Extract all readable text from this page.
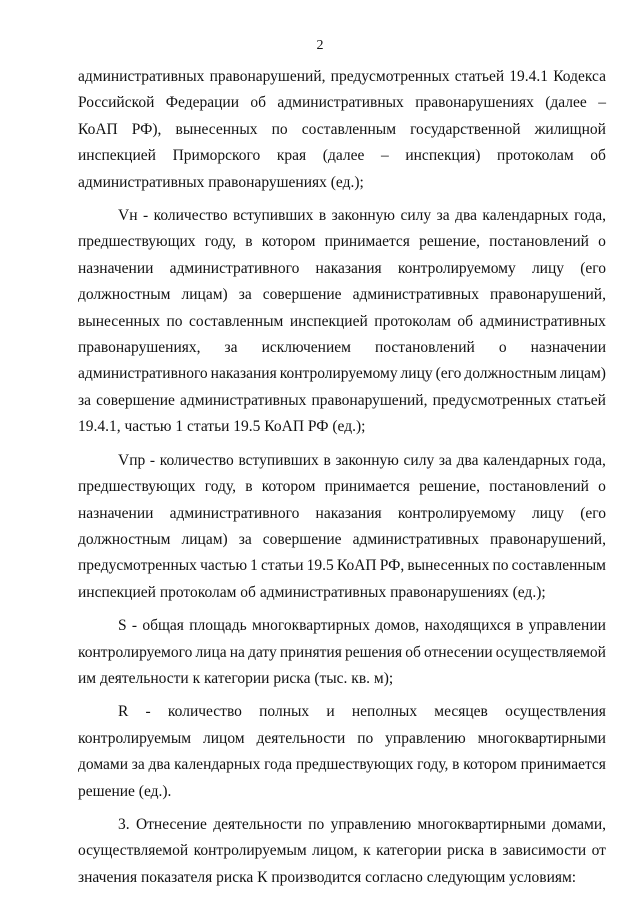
2
административных правонарушений, предусмотренных статьей 19.4.1 Кодекса
Российской Федерации об административных правонарушениях (далее –
КоАП РФ), вынесенных по составленным государственной жилищной
инспекцией Приморского края (далее – инспекция) протоколам об
административных правонарушениях (ед.);
Vн - количество вступивших в законную силу за два календарных года,
предшествующих году, в котором принимается решение, постановлений о
назначении административного наказания контролируемому лицу (его
должностным лицам) за совершение административных правонарушений,
вынесенных по составленным инспекцией протоколам об административных
правонарушениях, за исключением постановлений о назначении
административного наказания контролируемому лицу (его должностным лицам)
за совершение административных правонарушений, предусмотренных статьей
19.4.1, частью 1 статьи 19.5 КоАП РФ (ед.);
Vпр - количество вступивших в законную силу за два календарных года,
предшествующих году, в котором принимается решение, постановлений о
назначении административного наказания контролируемому лицу (его
должностным лицам) за совершение административных правонарушений,
предусмотренных частью 1 статьи 19.5 КоАП РФ, вынесенных по составленным
инспекцией протоколам об административных правонарушениях (ед.);
S - общая площадь многоквартирных домов, находящихся в управлении
контролируемого лица на дату принятия решения об отнесении осуществляемой
им деятельности к категории риска (тыс. кв. м);
R - количество полных и неполных месяцев осуществления
контролируемым лицом деятельности по управлению многоквартирными
домами за два календарных года предшествующих году, в котором принимается
решение (ед.).
3. Отнесение деятельности по управлению многоквартирными домами,
осуществляемой контролируемым лицом, к категории риска в зависимости от
значения показателя риска К производится согласно следующим условиям:
